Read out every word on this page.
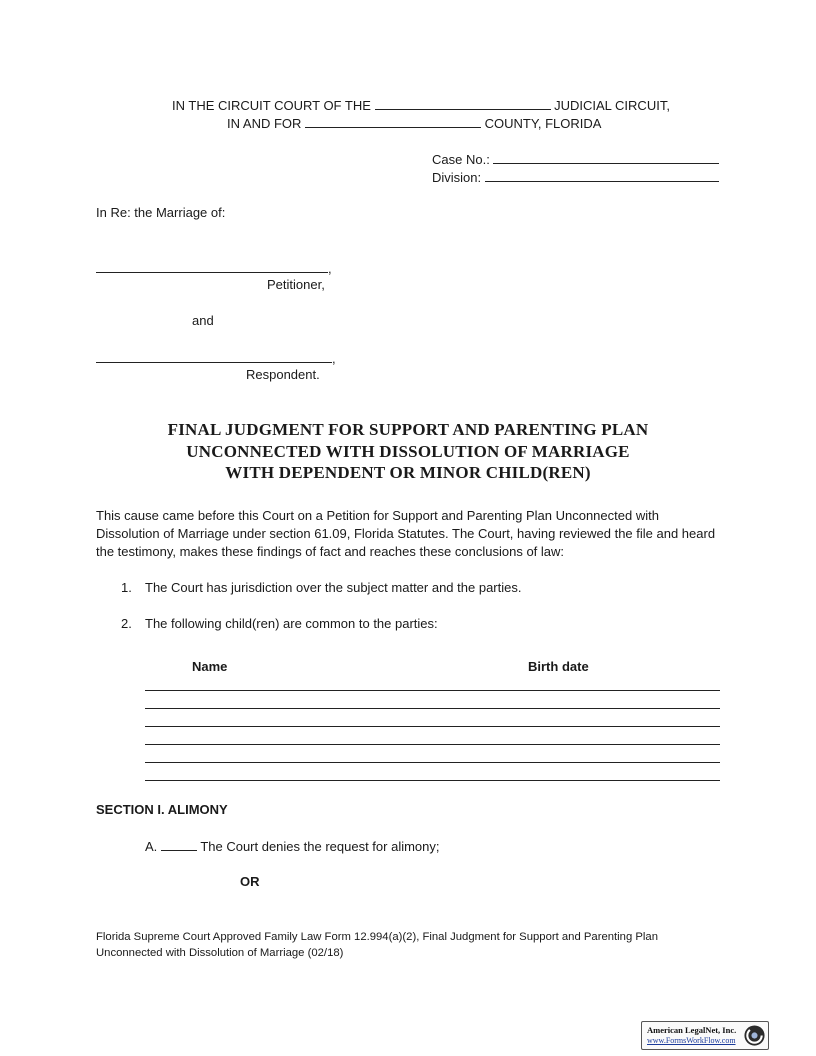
IN THE CIRCUIT COURT OF THE	JUDICIAL CIRCUIT,
IN AND FOR	COUNTY, FLORIDA
Case No.:
Division:
In Re: the Marriage of:
,
Petitioner,
and
,
Respondent.
FINAL JUDGMENT FOR SUPPORT AND PARENTING PLAN
UNCONNECTED WITH DISSOLUTION OF MARRIAGE
WITH DEPENDENT OR MINOR CHILD(REN)
This cause came before this Court on a Petition for Support and Parenting Plan Unconnected with Dissolution of Marriage under section 61.09, Florida Statutes. The Court, having reviewed the file and heard the testimony, makes these findings of fact and reaches these conclusions of law:
1. The Court has jurisdiction over the subject matter and the parties.
2. The following child(ren) are common to the parties:
Name	Birth date
SECTION I. ALIMONY
A.	The Court denies the request for alimony;
OR
Florida Supreme Court Approved Family Law Form 12.994(a)(2), Final Judgment for Support and Parenting Plan
Unconnected with Dissolution of Marriage (02/18)
American LegalNet, Inc.
www.FormsWorkFlow.com
